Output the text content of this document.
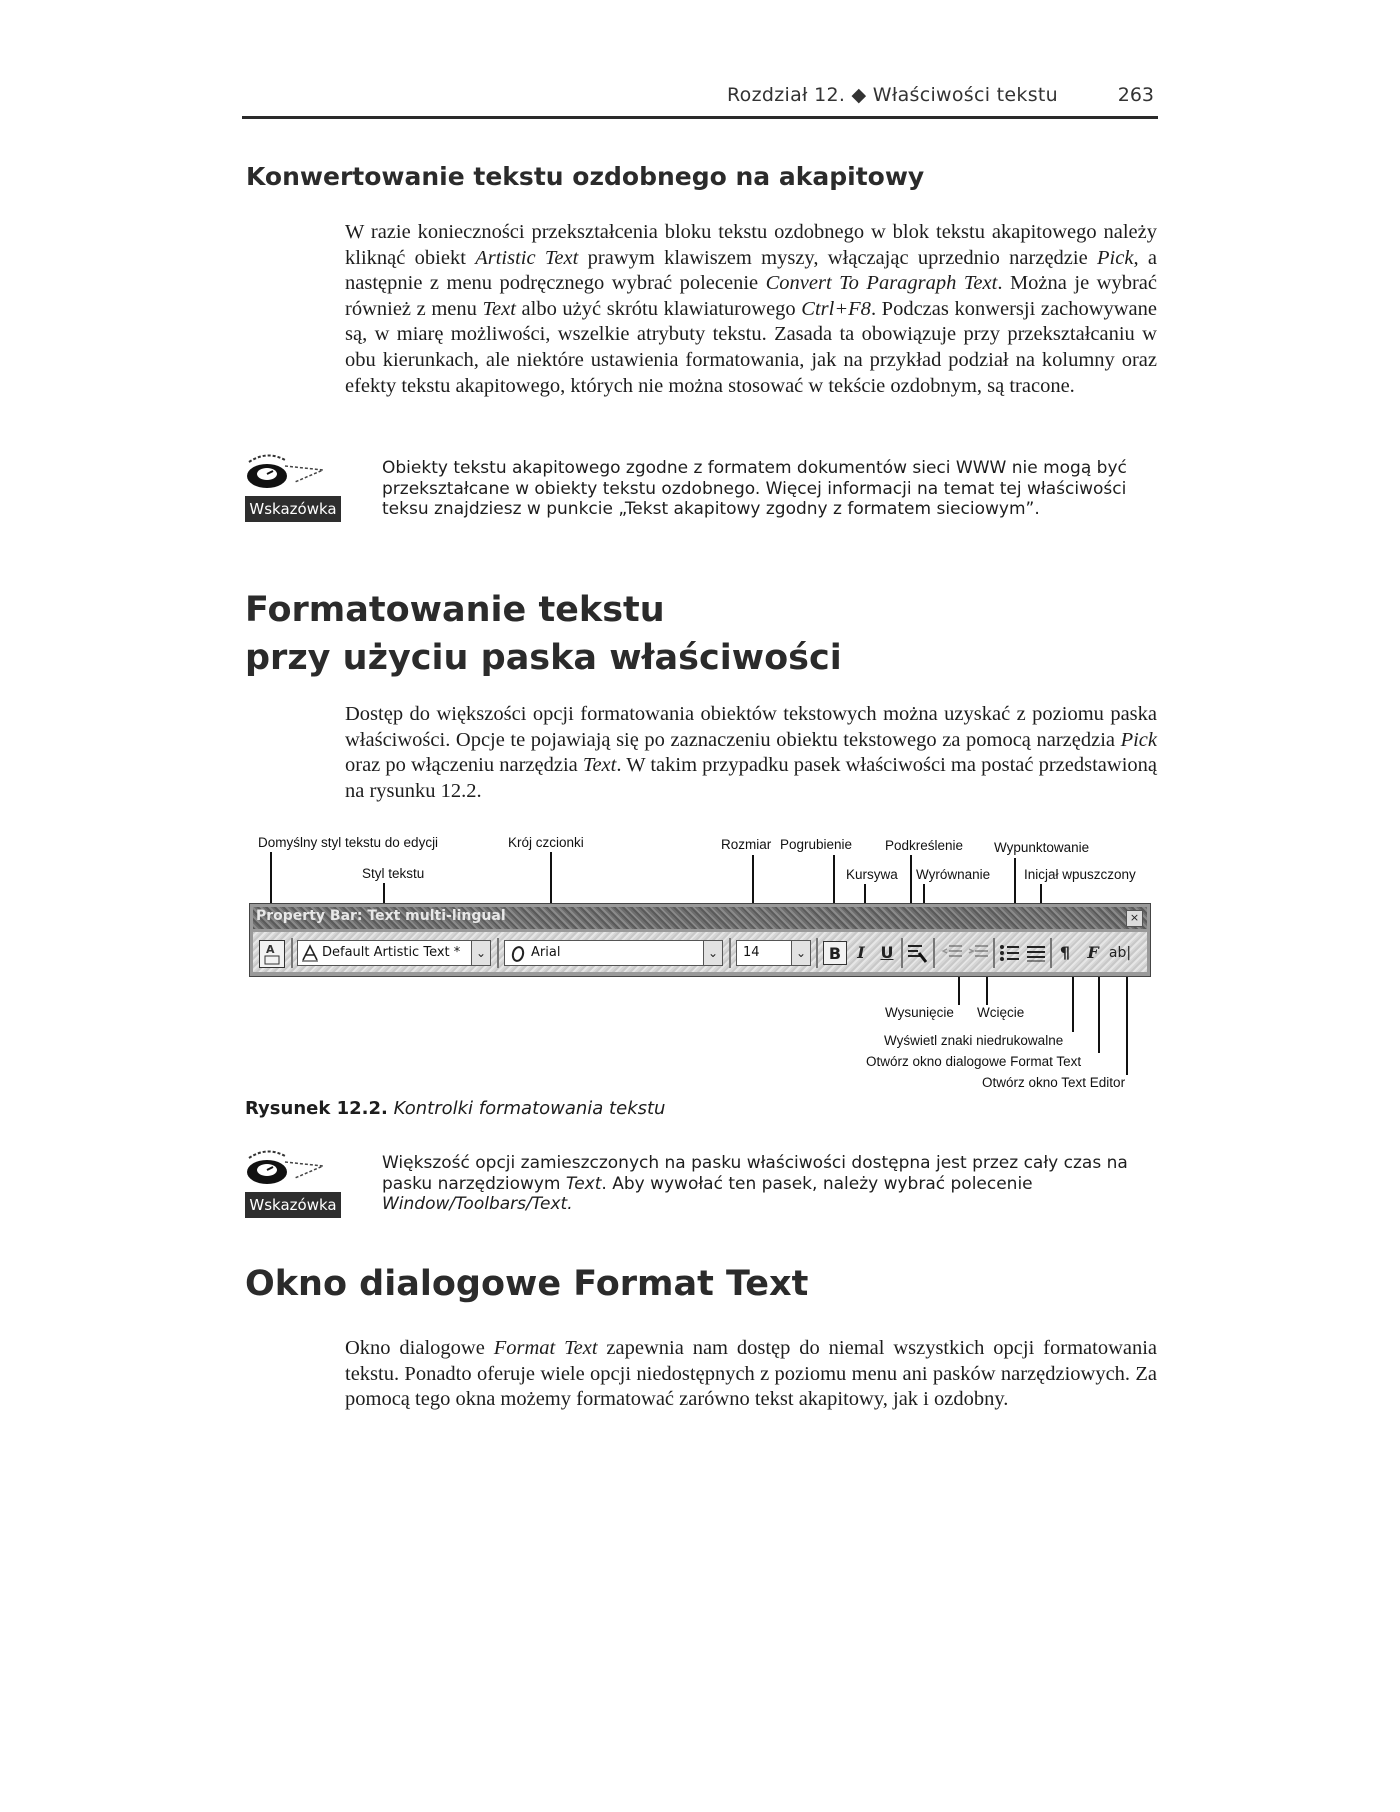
Rozdział 12. ◆ Właściwości tekstu	263
Konwertowanie tekstu ozdobnego na akapitowy

W razie konieczności przekształcenia bloku tekstu ozdobnego w blok tekstu akapitowego należy kliknąć obiekt Artistic Text prawym klawiszem myszy, włączając uprzednio narzędzie Pick, a następnie z menu podręcznego wybrać polecenie Convert To Paragraph Text. Można je wybrać również z menu Text albo użyć skrótu klawiaturowego Ctrl+F8. Podczas konwersji zachowywane są, w miarę możliwości, wszelkie atrybuty tekstu. Zasada ta obowiązuje przy przekształcaniu w obu kierunkach, ale niektóre ustawienia formatowania, jak na przykład podział na kolumny oraz efekty tekstu akapitowego, których nie można stosować w tekście ozdobnym, są tracone.

Wskazówka

Obiekty tekstu akapitowego zgodne z formatem dokumentów sieci WWW nie mogą być przekształcane w obiekty tekstu ozdobnego. Więcej informacji na temat tej właściwości teksu znajdziesz w punkcie „Tekst akapitowy zgodny z formatem sieciowym”.

Formatowanie tekstu
przy użyciu paska właściwości

Dostęp do większości opcji formatowania obiektów tekstowych można uzyskać z poziomu paska właściwości. Opcje te pojawiają się po zaznaczeniu obiektu tekstowego za pomocą narzędzia Pick oraz po włączeniu narzędzia Text. W takim przypadku pasek właściwości ma postać przedstawioną na rysunku 12.2.

Domyślny styl tekstu do edycji
Styl tekstu
Krój czcionki	Rozmiar Pogrubienie Podkreślenie Wypunktowanie
Kursywa Wyrównanie	Inicjał wpuszczony
Property Bar: Text multi-lingual	×
A	Default Artistic Text *	⌄	Arial	⌄	14	⌄	B	I U	¶	F ab|
Wysunięcie Wcięcie
Wyświetl znaki niedrukowalne
Otwórz okno dialogowe Format Text
Otwórz okno Text Editor

Rysunek 12.2. Kontrolki formatowania tekstu

Wskazówka

Większość opcji zamieszczonych na pasku właściwości dostępna jest przez cały czas na pasku narzędziowym Text. Aby wywołać ten pasek, należy wybrać polecenie Window/Toolbars/Text.

Okno dialogowe Format Text

Okno dialogowe Format Text zapewnia nam dostęp do niemal wszystkich opcji formatowania tekstu. Ponadto oferuje wiele opcji niedostępnych z poziomu menu ani pasków narzędziowych. Za pomocą tego okna możemy formatować zarówno tekst akapitowy, jak i ozdobny.
